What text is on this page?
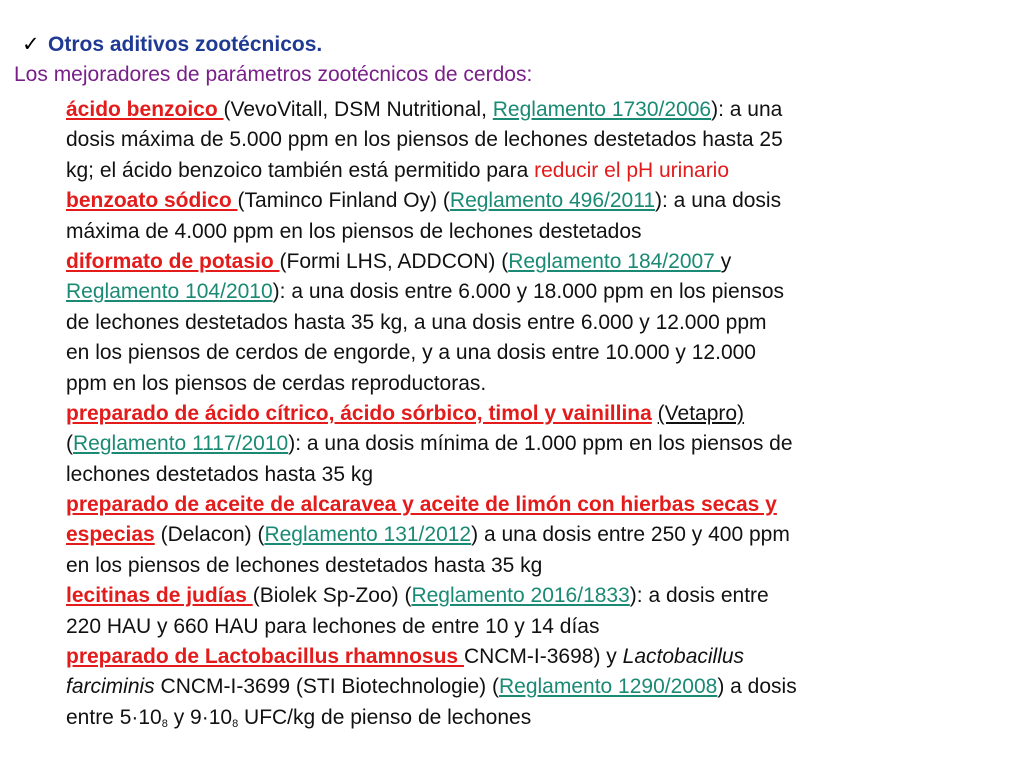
✓ Otros aditivos zootécnicos.
Los mejoradores de parámetros zootécnicos de cerdos:
ácido benzoico (VevoVitall, DSM Nutritional, Reglamento 1730/2006): a una
dosis máxima de 5.000 ppm en los piensos de lechones destetados hasta 25
kg; el ácido benzoico también está permitido para reducir el pH urinario
benzoato sódico (Taminco Finland Oy) (Reglamento 496/2011): a una dosis
máxima de 4.000 ppm en los piensos de lechones destetados
diformato de potasio (Formi LHS, ADDCON) (Reglamento 184/2007 y
Reglamento 104/2010): a una dosis entre 6.000 y 18.000 ppm en los piensos
de lechones destetados hasta 35 kg, a una dosis entre 6.000 y 12.000 ppm
en los piensos de cerdos de engorde, y a una dosis entre 10.000 y 12.000
ppm en los piensos de cerdas reproductoras.
preparado de ácido cítrico, ácido sórbico, timol y vainillina (Vetapro)
(Reglamento 1117/2010): a una dosis mínima de 1.000 ppm en los piensos de
lechones destetados hasta 35 kg
preparado de aceite de alcaravea y aceite de limón con hierbas secas y
especias (Delacon) (Reglamento 131/2012) a una dosis entre 250 y 400 ppm
en los piensos de lechones destetados hasta 35 kg
lecitinas de judías (Biolek Sp-Zoo) (Reglamento 2016/1833): a dosis entre
220 HAU y 660 HAU para lechones de entre 10 y 14 días
preparado de Lactobacillus rhamnosus CNCM-I-3698) y Lactobacillus
farciminis CNCM-I-3699 (STI Biotechnologie) (Reglamento 1290/2008) a dosis
entre $5\cdot 10_8$ y $9\cdot 10_8$ UFC/kg de pienso de lechones
